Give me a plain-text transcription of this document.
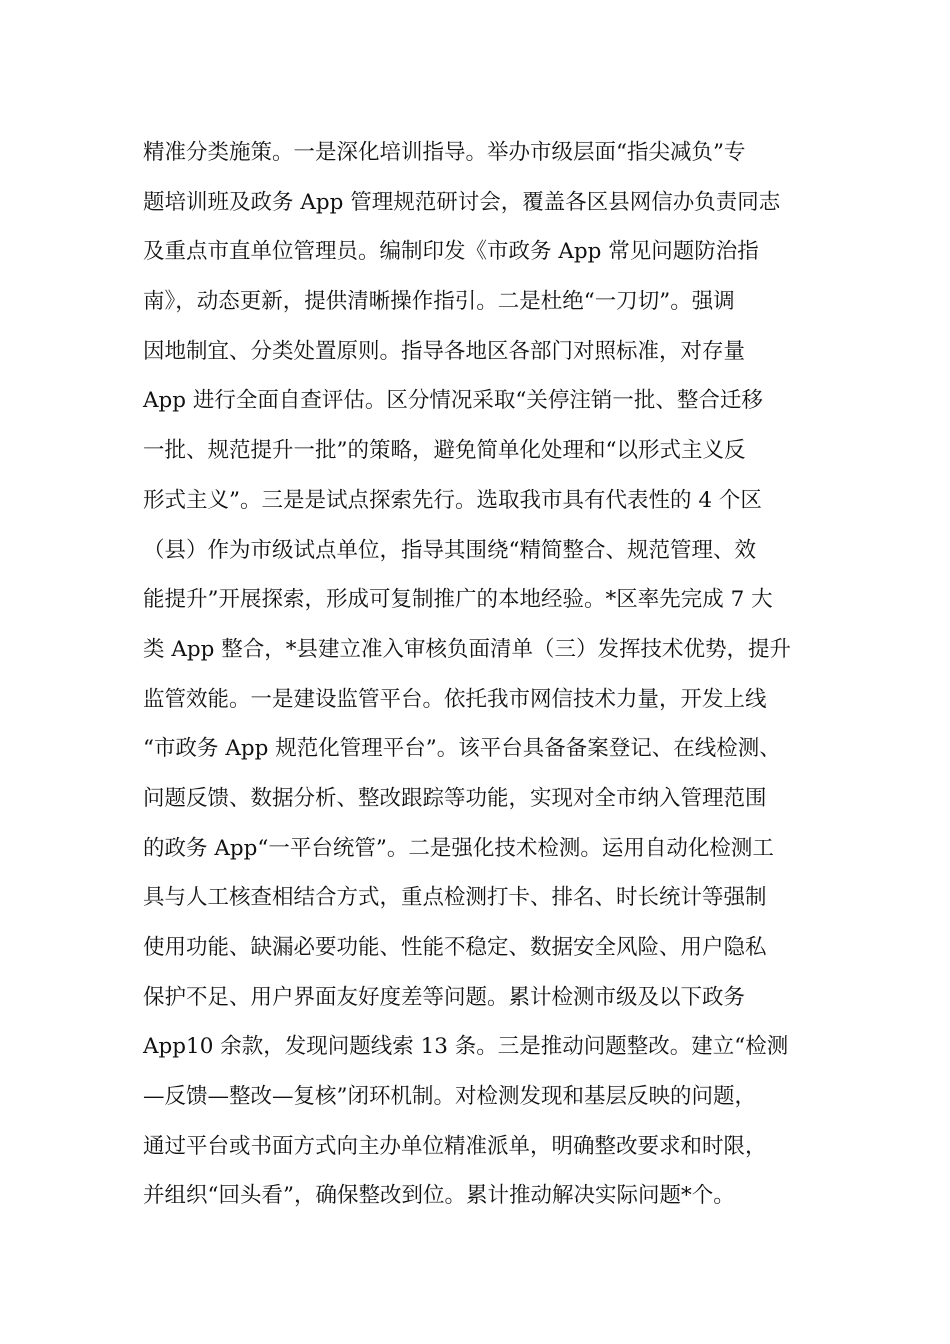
精准分类施策。一是深化培训指导。举办市级层面“指尖减负”专
题培训班及政务 App 管理规范研讨会，覆盖各区县网信办负责同志
及重点市直单位管理员。编制印发《市政务 App 常见问题防治指
南》，动态更新，提供清晰操作指引。二是杜绝“一刀切”。强调
因地制宜、分类处置原则。指导各地区各部门对照标准，对存量
App 进行全面自查评估。区分情况采取“关停注销一批、整合迁移
一批、规范提升一批”的策略，避免简单化处理和“以形式主义反
形式主义”。三是是试点探索先行。选取我市具有代表性的 4 个区
（县）作为市级试点单位，指导其围绕“精简整合、规范管理、效
能提升”开展探索，形成可复制推广的本地经验。*区率先完成 7 大
类 App 整合，*县建立准入审核负面清单（三）发挥技术优势，提升
监管效能。一是建设监管平台。依托我市网信技术力量，开发上线
“市政务 App 规范化管理平台”。该平台具备备案登记、在线检测、
问题反馈、数据分析、整改跟踪等功能，实现对全市纳入管理范围
的政务 App“一平台统管”。二是强化技术检测。运用自动化检测工
具与人工核查相结合方式，重点检测打卡、排名、时长统计等强制
使用功能、缺漏必要功能、性能不稳定、数据安全风险、用户隐私
保护不足、用户界面友好度差等问题。累计检测市级及以下政务
App10 余款，发现问题线索 13 条。三是推动问题整改。建立“检测
—反馈—整改—复核”闭环机制。对检测发现和基层反映的问题，
通过平台或书面方式向主办单位精准派单，明确整改要求和时限，
并组织“回头看”，确保整改到位。累计推动解决实际问题*个。
